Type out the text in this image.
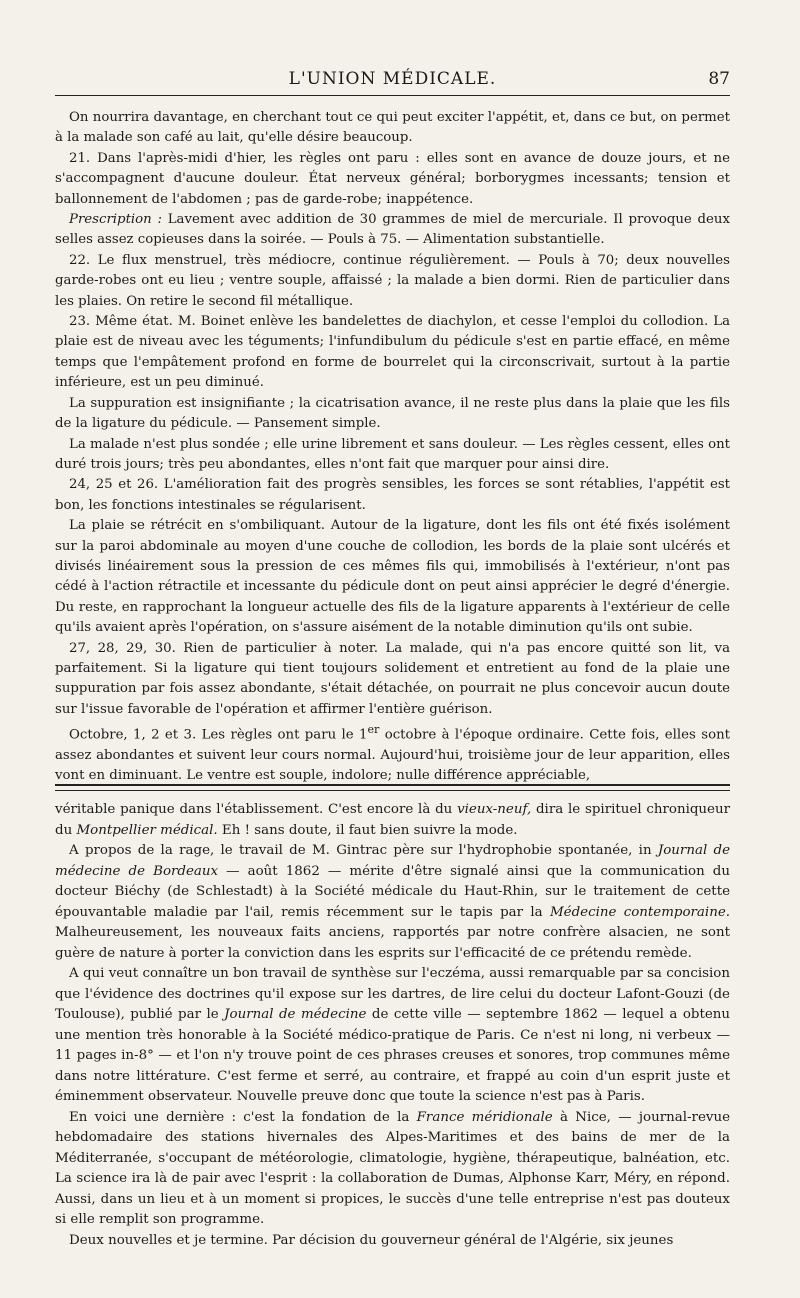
L'UNION MÉDICALE.	87

On nourrira davantage, en cherchant tout ce qui peut exciter l'appétit, et, dans ce but, on permet à la malade son café au lait, qu'elle désire beaucoup.

21. Dans l'après-midi d'hier, les règles ont paru : elles sont en avance de douze jours, et ne s'accompagnent d'aucune douleur. État nerveux général; borborygmes incessants; tension et ballonnement de l'abdomen ; pas de garde-robe; inappétence.

Prescription : Lavement avec addition de 30 grammes de miel de mercuriale. Il provoque deux selles assez copieuses dans la soirée. — Pouls à 75. — Alimentation substantielle.

22. Le flux menstruel, très médiocre, continue régulièrement. — Pouls à 70; deux nouvelles garde-robes ont eu lieu ; ventre souple, affaissé ; la malade a bien dormi. Rien de particulier dans les plaies. On retire le second fil métallique.

23. Même état. M. Boinet enlève les bandelettes de diachylon, et cesse l'emploi du collodion. La plaie est de niveau avec les téguments; l'infundibulum du pédicule s'est en partie effacé, en même temps que l'empâtement profond en forme de bourrelet qui la circonscrivait, surtout à la partie inférieure, est un peu diminué.

La suppuration est insignifiante ; la cicatrisation avance, il ne reste plus dans la plaie que les fils de la ligature du pédicule. — Pansement simple.

La malade n'est plus sondée ; elle urine librement et sans douleur. — Les règles cessent, elles ont duré trois jours; très peu abondantes, elles n'ont fait que marquer pour ainsi dire.

24, 25 et 26. L'amélioration fait des progrès sensibles, les forces se sont rétablies, l'appétit est bon, les fonctions intestinales se régularisent.

La plaie se rétrécit en s'ombiliquant. Autour de la ligature, dont les fils ont été fixés isolément sur la paroi abdominale au moyen d'une couche de collodion, les bords de la plaie sont ulcérés et divisés linéairement sous la pression de ces mêmes fils qui, immobilisés à l'extérieur, n'ont pas cédé à l'action rétractile et incessante du pédicule dont on peut ainsi apprécier le degré d'énergie. Du reste, en rapprochant la longueur actuelle des fils de la ligature apparents à l'extérieur de celle qu'ils avaient après l'opération, on s'assure aisément de la notable diminution qu'ils ont subie.

27, 28, 29, 30. Rien de particulier à noter. La malade, qui n'a pas encore quitté son lit, va parfaitement. Si la ligature qui tient toujours solidement et entretient au fond de la plaie une suppuration par fois assez abondante, s'était détachée, on pourrait ne plus concevoir aucun doute sur l'issue favorable de l'opération et affirmer l'entière guérison.

Octobre, 1, 2 et 3. Les règles ont paru le 1er octobre à l'époque ordinaire. Cette fois, elles sont assez abondantes et suivent leur cours normal. Aujourd'hui, troisième jour de leur apparition, elles vont en diminuant. Le ventre est souple, indolore; nulle différence appréciable,

véritable panique dans l'établissement. C'est encore là du vieux-neuf, dira le spirituel chroniqueur du Montpellier médical. Eh ! sans doute, il faut bien suivre la mode.

A propos de la rage, le travail de M. Gintrac père sur l'hydrophobie spontanée, in Journal de médecine de Bordeaux — août 1862 — mérite d'être signalé ainsi que la communication du docteur Biéchy (de Schlestadt) à la Société médicale du Haut-Rhin, sur le traitement de cette épouvantable maladie par l'ail, remis récemment sur le tapis par la Médecine contemporaine. Malheureusement, les nouveaux faits anciens, rapportés par notre confrère alsacien, ne sont guère de nature à porter la conviction dans les esprits sur l'efficacité de ce prétendu remède.

A qui veut connaître un bon travail de synthèse sur l'eczéma, aussi remarquable par sa concision que l'évidence des doctrines qu'il expose sur les dartres, de lire celui du docteur Lafont-Gouzi (de Toulouse), publié par le Journal de médecine de cette ville — septembre 1862 — lequel a obtenu une mention très honorable à la Société médico-pratique de Paris. Ce n'est ni long, ni verbeux — 11 pages in-8° — et l'on n'y trouve point de ces phrases creuses et sonores, trop communes même dans notre littérature. C'est ferme et serré, au contraire, et frappé au coin d'un esprit juste et éminemment observateur. Nouvelle preuve donc que toute la science n'est pas à Paris.

En voici une dernière : c'est la fondation de la France méridionale à Nice, — journal-revue hebdomadaire des stations hivernales des Alpes-Maritimes et des bains de mer de la Méditerranée, s'occupant de météorologie, climatologie, hygiène, thérapeutique, balnéation, etc. La science ira là de pair avec l'esprit : la collaboration de Dumas, Alphonse Karr, Méry, en répond. Aussi, dans un lieu et à un moment si propices, le succès d'une telle entreprise n'est pas douteux si elle remplit son programme.

Deux nouvelles et je termine. Par décision du gouverneur général de l'Algérie, six jeunes
